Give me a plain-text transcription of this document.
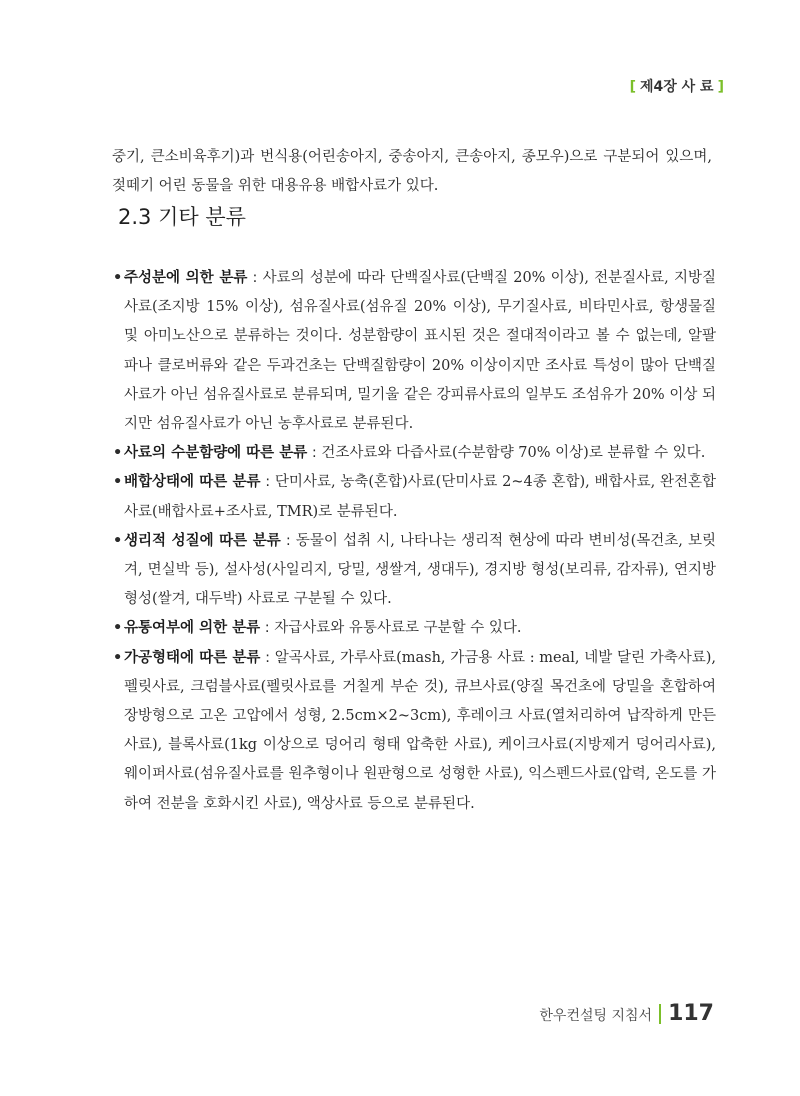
[ 제4장 사 료 ]

중기, 큰소비육후기)과 번식용(어린송아지, 중송아지, 큰송아지, 종모우)으로 구분되어 있으며, 젖떼기 어린 동물을 위한 대용유용 배합사료가 있다.

2.3 기타 분류
• 주성분에 의한 분류 : 사료의 성분에 따라 단백질사료(단백질 20% 이상), 전분질사료, 지방질사료(조지방 15% 이상), 섬유질사료(섬유질 20% 이상), 무기질사료, 비타민사료, 항생물질 및 아미노산으로 분류하는 것이다. 성분함량이 표시된 것은 절대적이라고 볼 수 없는데, 알팔파나 클로버류와 같은 두과건초는 단백질함량이 20% 이상이지만 조사료 특성이 많아 단백질사료가 아닌 섬유질사료로 분류되며, 밀기울 같은 강피류사료의 일부도 조섬유가 20% 이상 되지만 섬유질사료가 아닌 농후사료로 분류된다.
• 사료의 수분함량에 따른 분류 : 건조사료와 다즙사료(수분함량 70% 이상)로 분류할 수 있다.
• 배합상태에 따른 분류 : 단미사료, 농축(혼합)사료(단미사료 2~4종 혼합), 배합사료, 완전혼합사료(배합사료+조사료, TMR)로 분류된다.
• 생리적 성질에 따른 분류 : 동물이 섭취 시, 나타나는 생리적 현상에 따라 변비성(목건초, 보릿겨, 면실박 등), 설사성(사일리지, 당밀, 생쌀겨, 생대두), 경지방 형성(보리류, 감자류), 연지방 형성(쌀겨, 대두박) 사료로 구분될 수 있다.
• 유통여부에 의한 분류 : 자급사료와 유통사료로 구분할 수 있다.
• 가공형태에 따른 분류 : 알곡사료, 가루사료(mash, 가금용 사료 : meal, 네발 달린 가축사료), 펠릿사료, 크럼블사료(펠릿사료를 거칠게 부순 것), 큐브사료(양질 목건초에 당밀을 혼합하여 장방형으로 고온 고압에서 성형, 2.5cm×2~3cm), 후레이크 사료(열처리하여 납작하게 만든 사료), 블록사료(1kg 이상으로 덩어리 형태 압축한 사료), 케이크사료(지방제거 덩어리사료), 웨이퍼사료(섬유질사료를 원추형이나 원판형으로 성형한 사료), 익스펜드사료(압력, 온도를 가하여 전분을 호화시킨 사료), 액상사료 등으로 분류된다.
한우컨설팅 지침서 117
